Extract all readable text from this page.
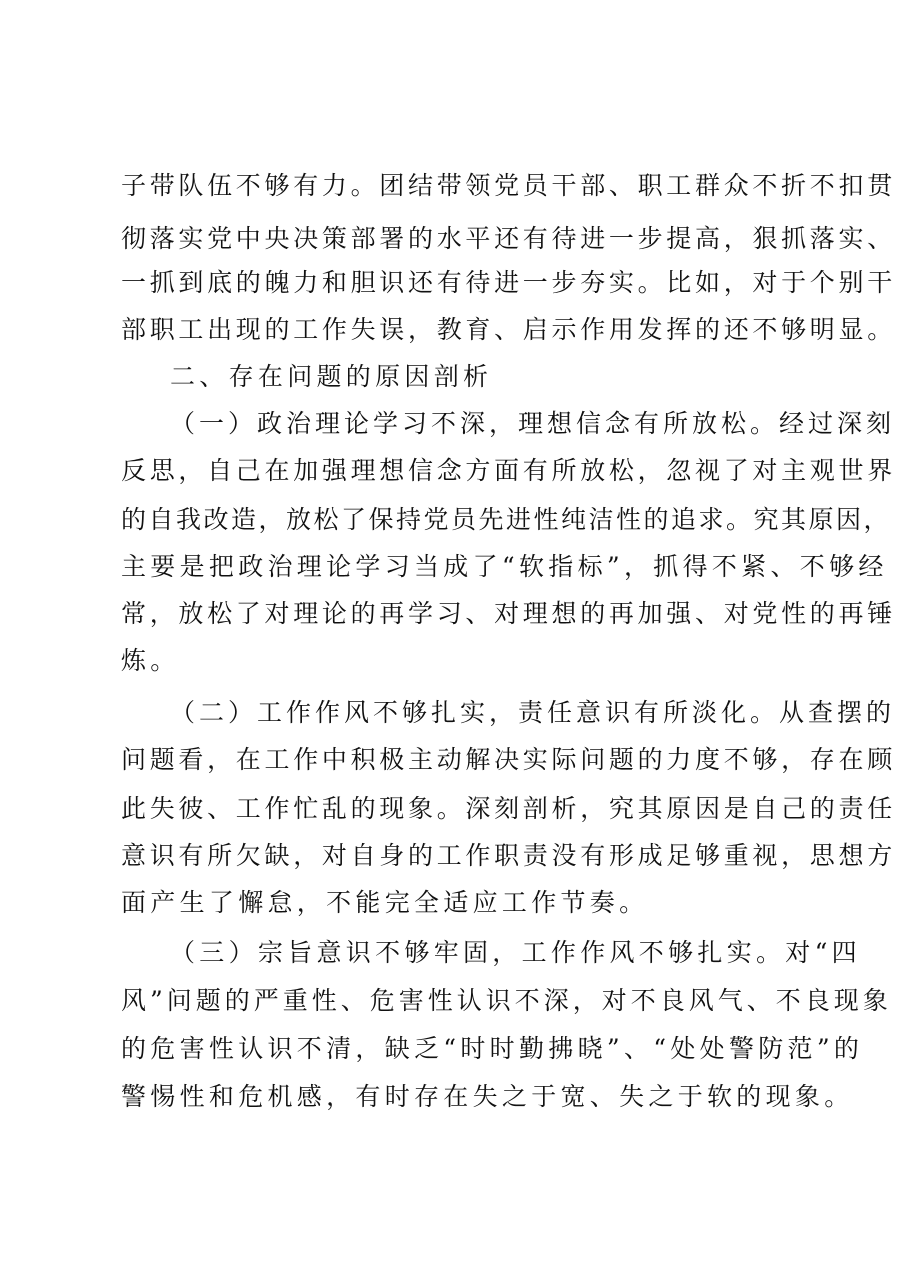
子带队伍不够有力。团结带领党员干部、职工群众不折不扣贯
彻落实党中央决策部署的水平还有待进一步提高，狠抓落实、
一抓到底的魄力和胆识还有待进一步夯实。比如，对于个别干
部职工出现的工作失误，教育、启示作用发挥的还不够明显。
二、存在问题的原因剖析
（一）政治理论学习不深，理想信念有所放松。经过深刻
反思，自己在加强理想信念方面有所放松，忽视了对主观世界
的自我改造，放松了保持党员先进性纯洁性的追求。究其原因，
主要是把政治理论学习当成了“软指标”，抓得不紧、不够经
常，放松了对理论的再学习、对理想的再加强、对党性的再锤
炼。
（二）工作作风不够扎实，责任意识有所淡化。从查摆的
问题看，在工作中积极主动解决实际问题的力度不够，存在顾
此失彼、工作忙乱的现象。深刻剖析，究其原因是自己的责任
意识有所欠缺，对自身的工作职责没有形成足够重视，思想方
面产生了懈怠，不能完全适应工作节奏。
（三）宗旨意识不够牢固，工作作风不够扎实。对“四
风”问题的严重性、危害性认识不深，对不良风气、不良现象
的危害性认识不清，缺乏“时时勤拂晓”、“处处警防范”的
警惕性和危机感，有时存在失之于宽、失之于软的现象。
